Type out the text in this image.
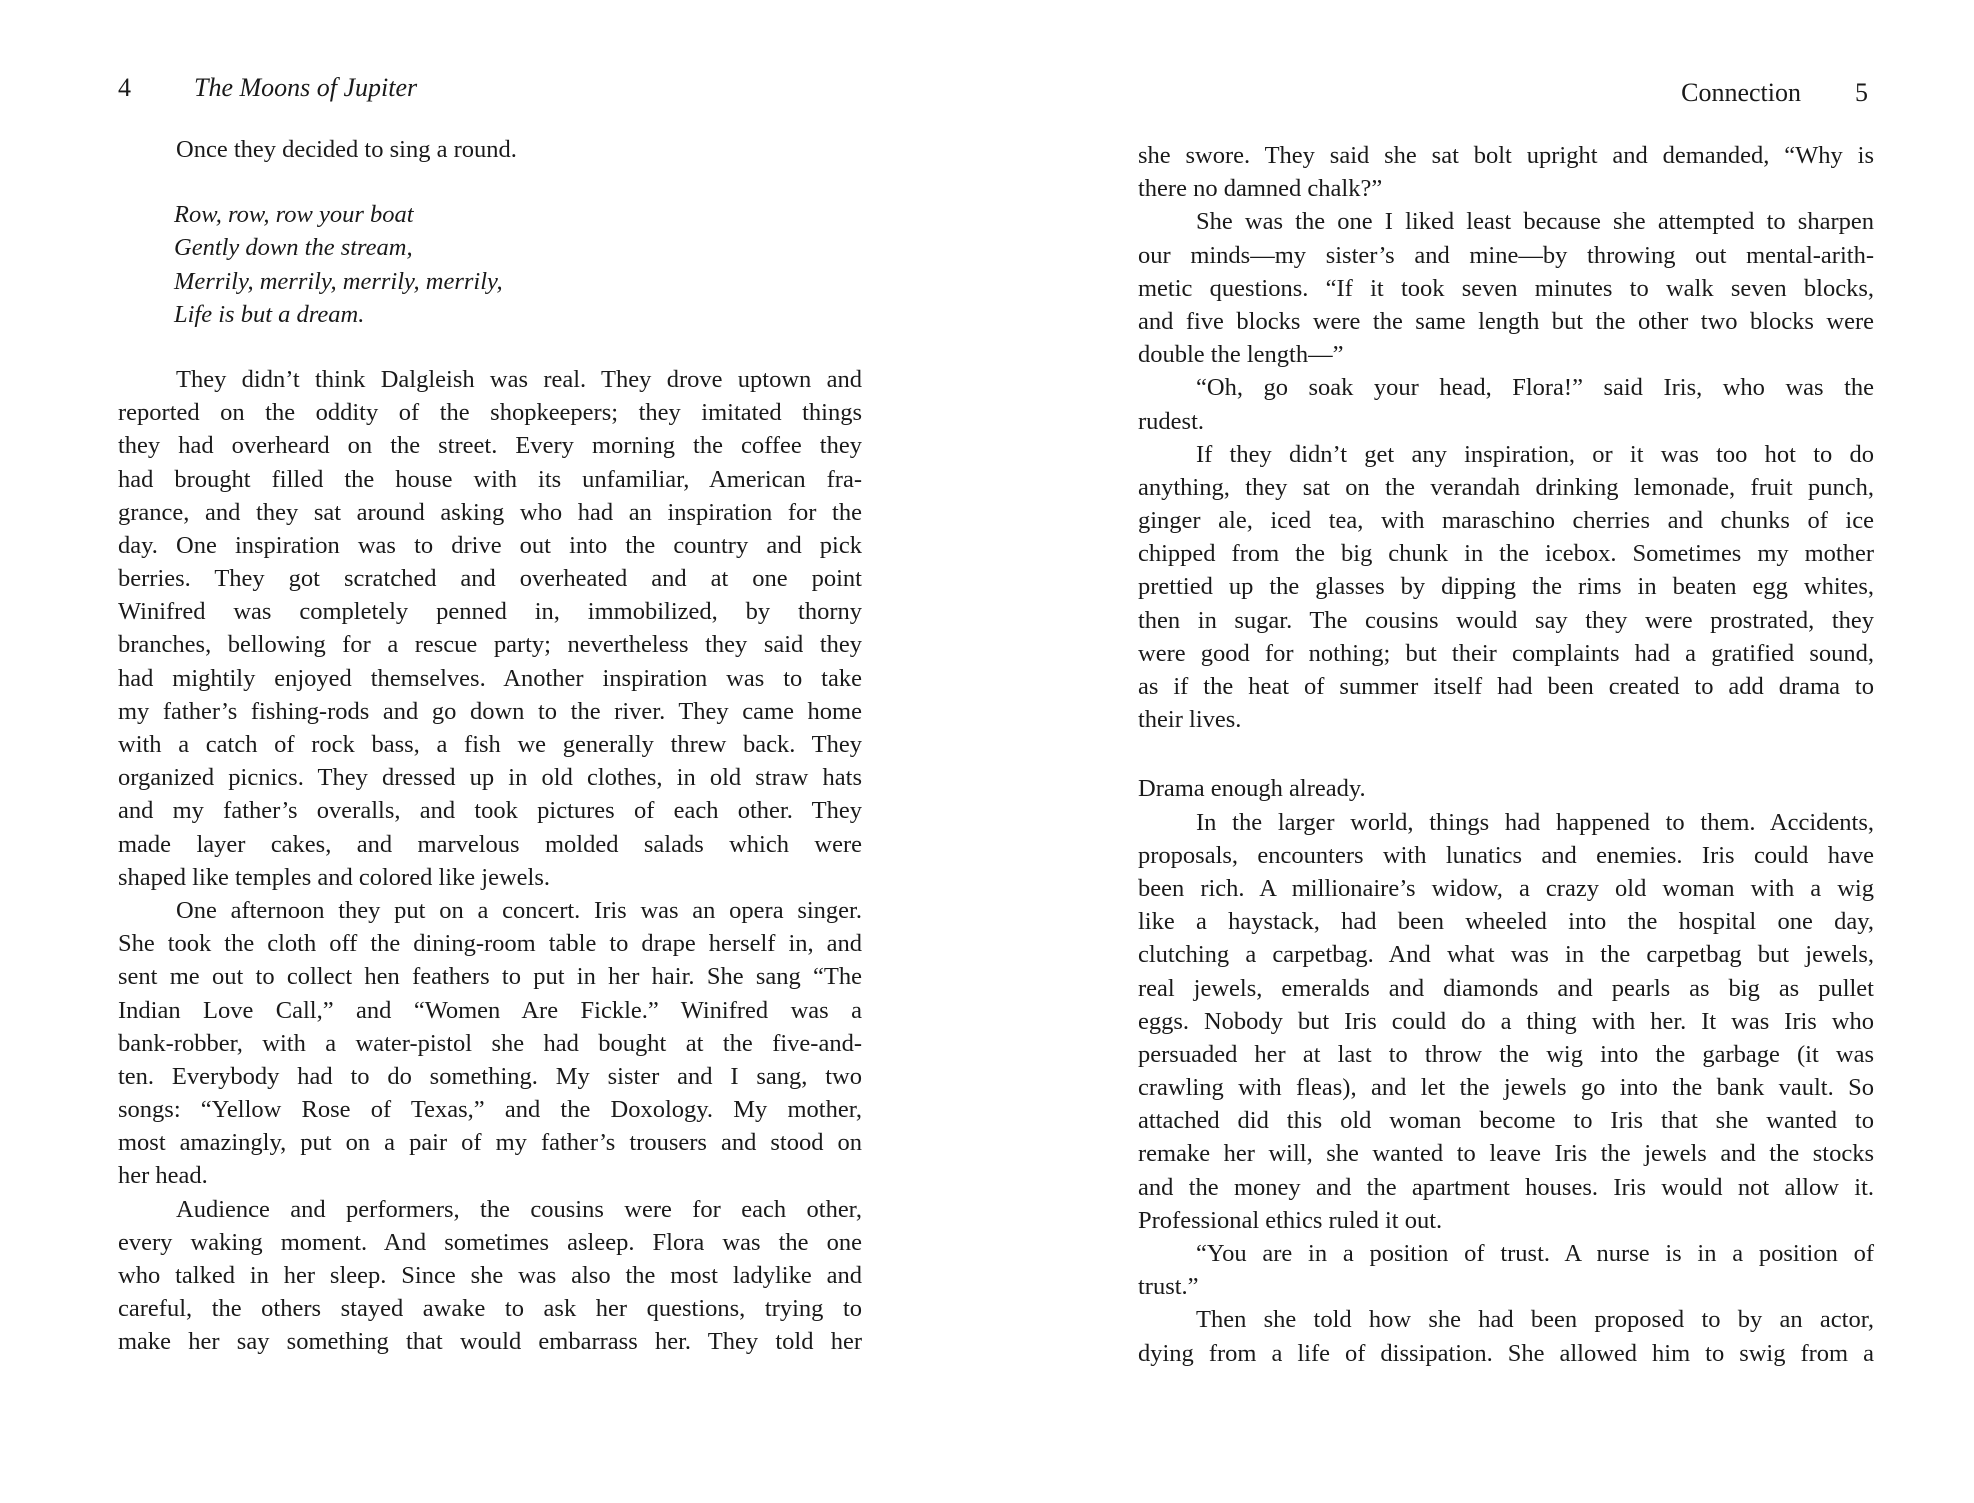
4 The Moons of Jupiter
Once they decided to sing a round.
Row, row, row your boat
Gently down the stream,
Merrily, merrily, merrily, merrily,
Life is but a dream.
They didn’t think Dalgleish was real. They drove uptown and
reported on the oddity of the shopkeepers; they imitated things
they had overheard on the street. Every morning the coffee they
had brought filled the house with its unfamiliar, American fra-
grance, and they sat around asking who had an inspiration for the
day. One inspiration was to drive out into the country and pick
berries. They got scratched and overheated and at one point
Winifred was completely penned in, immobilized, by thorny
branches, bellowing for a rescue party; nevertheless they said they
had mightily enjoyed themselves. Another inspiration was to take
my father’s fishing-rods and go down to the river. They came home
with a catch of rock bass, a fish we generally threw back. They
organized picnics. They dressed up in old clothes, in old straw hats
and my father’s overalls, and took pictures of each other. They
made layer cakes, and marvelous molded salads which were
shaped like temples and colored like jewels.
One afternoon they put on a concert. Iris was an opera singer.
She took the cloth off the dining-room table to drape herself in, and
sent me out to collect hen feathers to put in her hair. She sang “The
Indian Love Call,” and “Women Are Fickle.” Winifred was a
bank-robber, with a water-pistol she had bought at the five-and-
ten. Everybody had to do something. My sister and I sang, two
songs: “Yellow Rose of Texas,” and the Doxology. My mother,
most amazingly, put on a pair of my father’s trousers and stood on
her head.
Audience and performers, the cousins were for each other,
every waking moment. And sometimes asleep. Flora was the one
who talked in her sleep. Since she was also the most ladylike and
careful, the others stayed awake to ask her questions, trying to
make her say something that would embarrass her. They told her
Connection 5
she swore. They said she sat bolt upright and demanded, “Why is
there no damned chalk?”
She was the one I liked least because she attempted to sharpen
our minds—my sister’s and mine—by throwing out mental-arith-
metic questions. “If it took seven minutes to walk seven blocks,
and five blocks were the same length but the other two blocks were
double the length—”
“Oh, go soak your head, Flora!” said Iris, who was the
rudest.
If they didn’t get any inspiration, or it was too hot to do
anything, they sat on the verandah drinking lemonade, fruit punch,
ginger ale, iced tea, with maraschino cherries and chunks of ice
chipped from the big chunk in the icebox. Sometimes my mother
prettied up the glasses by dipping the rims in beaten egg whites,
then in sugar. The cousins would say they were prostrated, they
were good for nothing; but their complaints had a gratified sound,
as if the heat of summer itself had been created to add drama to
their lives.
Drama enough already.
In the larger world, things had happened to them. Accidents,
proposals, encounters with lunatics and enemies. Iris could have
been rich. A millionaire’s widow, a crazy old woman with a wig
like a haystack, had been wheeled into the hospital one day,
clutching a carpetbag. And what was in the carpetbag but jewels,
real jewels, emeralds and diamonds and pearls as big as pullet
eggs. Nobody but Iris could do a thing with her. It was Iris who
persuaded her at last to throw the wig into the garbage (it was
crawling with fleas), and let the jewels go into the bank vault. So
attached did this old woman become to Iris that she wanted to
remake her will, she wanted to leave Iris the jewels and the stocks
and the money and the apartment houses. Iris would not allow it.
Professional ethics ruled it out.
“You are in a position of trust. A nurse is in a position of
trust.”
Then she told how she had been proposed to by an actor,
dying from a life of dissipation. She allowed him to swig from a
